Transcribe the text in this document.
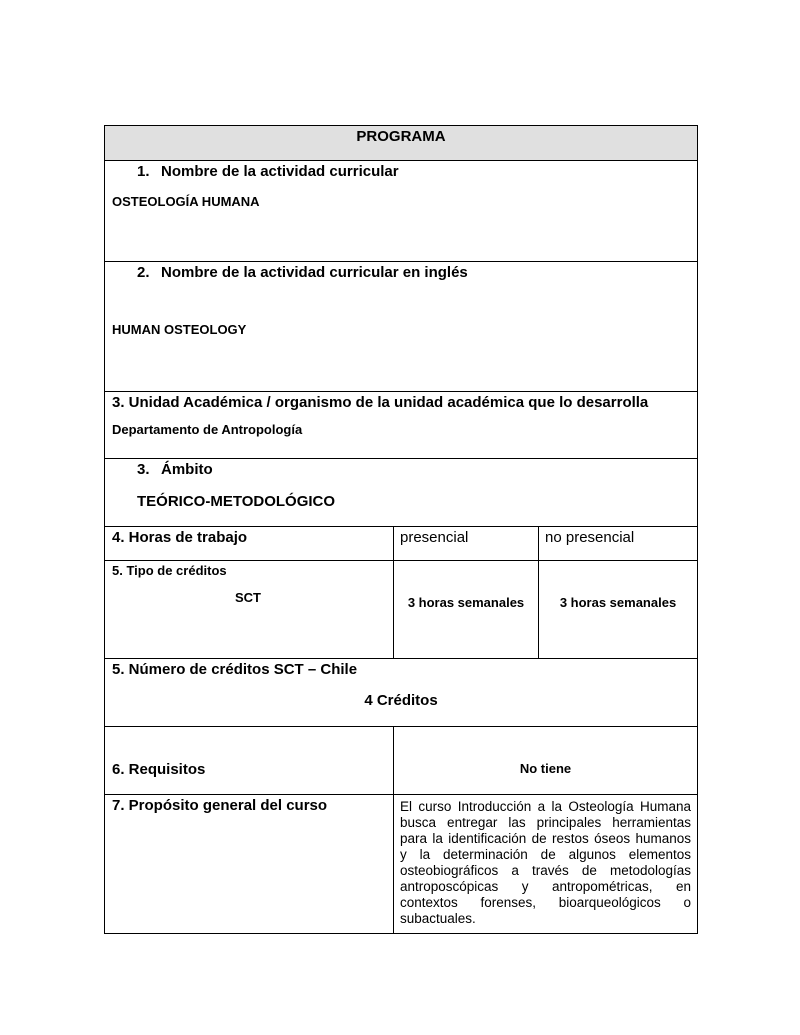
PROGRAMA		

1. Nombre de la actividad curricular
OSTEOLOGÍA HUMANA		

2. Nombre de la actividad curricular en inglés
HUMAN OSTEOLOGY		

3. Unidad Académica / organismo de la unidad académica que lo desarrolla
Departamento de Antropología		

3. Ámbito
TEÓRICO-METODOLÓGICO		

4. Horas de trabajo	presencial	no presencial

5. Tipo de créditos
SCT	3 horas semanales	3 horas semanales

5. Número de créditos SCT – Chile
4 Créditos		

6. Requisitos	No tiene	

7. Propósito general del curso	El curso Introducción a la Osteología Humana busca entregar las principales herramientas para la identificación de restos óseos humanos y la determinación de algunos elementos osteobiográficos a través de metodologías antroposcópicas y antropométricas, en contextos forenses, bioarqueológicos o subactuales.	
